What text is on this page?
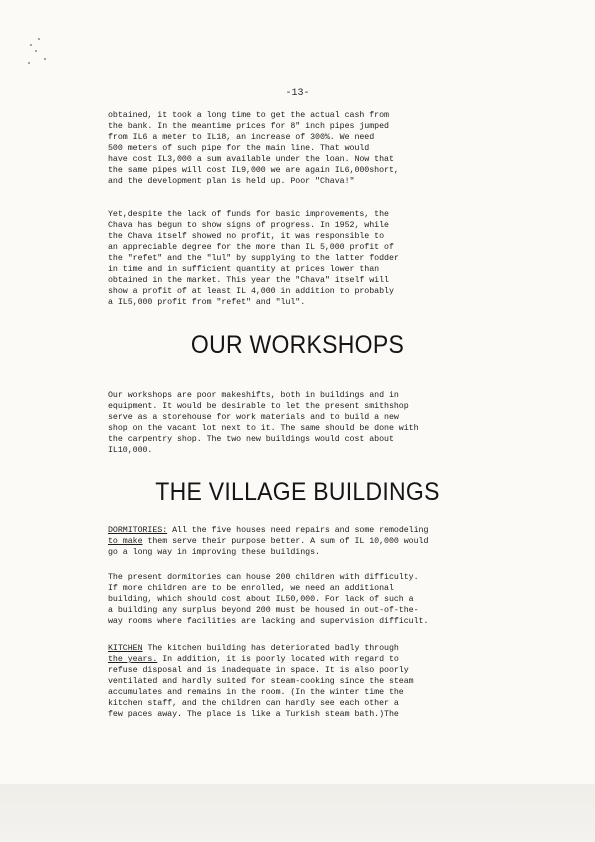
-13-
obtained, it took a long time to get the actual cash from
the bank. In the meantime prices for 8" inch pipes jumped
from IL6 a meter to IL18, an increase of 300%. We need
500 meters of such pipe for the main line. That would
have cost IL3,000 a sum available under the loan. Now that
the same pipes will cost IL9,000 we are again IL6,000short,
and the development plan is held up. Poor "Chava!"
Yet,despite the lack of funds for basic improvements, the
Chava has begun to show signs of progress. In 1952, while
the Chava itself showed no profit, it was responsible to
an appreciable degree for the more than IL 5,000 profit of
the "refet" and the "lul" by supplying to the latter fodder
in time and in sufficient quantity at prices lower than
obtained in the market. This year the "Chava" itself will
show a profit of at least IL 4,000 in addition to probably
a IL5,000 profit from "refet" and "lul".
OUR WORKSHOPS
Our workshops are poor makeshifts, both in buildings and in
equipment. It would be desirable to let the present smithshop
serve as a storehouse for work materials and to build a new
shop on the vacant lot next to it. The same should be done with
the carpentry shop. The two new buildings would cost about
IL10,000.
THE VILLAGE BUILDINGS
DORMITORIES: All the five houses need repairs and some remodeling
to make them serve their purpose better. A sum of IL 10,000 would
go a long way in improving these buildings.
The present dormitories can house 200 children with difficulty.
If more children are to be enrolled, we need an additional
building, which should cost about IL50,000. For lack of such a
a building any surplus beyond 200 must be housed in out-of-the-
way rooms where facilities are lacking and supervision difficult.
KITCHEN The kitchen building has deteriorated badly through
the years. In addition, it is poorly located with regard to
refuse disposal and is inadequate in space. It is also poorly
ventilated and hardly suited for steam-cooking since the steam
accumulates and remains in the room. (In the winter time the
kitchen staff, and the children can hardly see each other a
few paces away. The place is like a Turkish steam bath.)The
